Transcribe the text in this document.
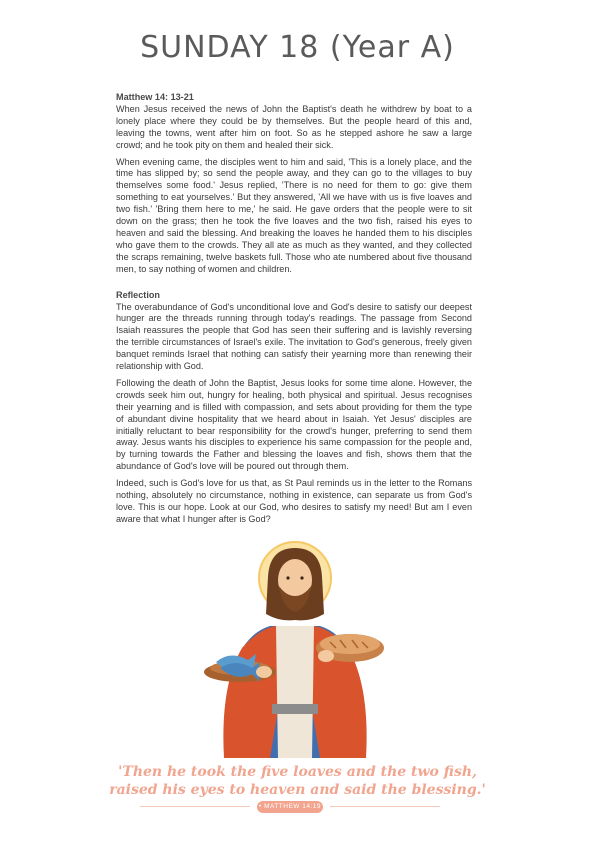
SUNDAY 18 (Year A)

Matthew 14: 13-21

When Jesus received the news of John the Baptist's death he withdrew by boat to a lonely place where they could be by themselves. But the people heard of this and, leaving the towns, went after him on foot. So as he stepped ashore he saw a large crowd; and he took pity on them and healed their sick.

When evening came, the disciples went to him and said, 'This is a lonely place, and the time has slipped by; so send the people away, and they can go to the villages to buy themselves some food.' Jesus replied, 'There is no need for them to go: give them something to eat yourselves.' But they answered, 'All we have with us is five loaves and two fish.' 'Bring them here to me,' he said. He gave orders that the people were to sit down on the grass; then he took the five loaves and the two fish, raised his eyes to heaven and said the blessing. And breaking the loaves he handed them to his disciples who gave them to the crowds. They all ate as much as they wanted, and they collected the scraps remaining, twelve baskets full. Those who ate numbered about five thousand men, to say nothing of women and children.

Reflection

The overabundance of God's unconditional love and God's desire to satisfy our deepest hunger are the threads running through today's readings. The passage from Second Isaiah reassures the people that God has seen their suffering and is lavishly reversing the terrible circumstances of Israel's exile. The invitation to God's generous, freely given banquet reminds Israel that nothing can satisfy their yearning more than renewing their relationship with God.

Following the death of John the Baptist, Jesus looks for some time alone. However, the crowds seek him out, hungry for healing, both physical and spiritual. Jesus recognises their yearning and is filled with compassion, and sets about providing for them the type of abundant divine hospitality that we heard about in Isaiah. Yet Jesus' disciples are initially reluctant to bear responsibility for the crowd's hunger, preferring to send them away. Jesus wants his disciples to experience his same compassion for the people and, by turning towards the Father and blessing the loaves and fish, shows them that the abundance of God's love will be poured out through them.

Indeed, such is God's love for us that, as St Paul reminds us in the letter to the Romans nothing, absolutely no circumstance, nothing in existence, can separate us from God's love. This is our hope. Look at our God, who desires to satisfy my need! But am I even aware that what I hunger after is God?

'Then he took the five loaves and the two fish,
raised his eyes to heaven and said the blessing.'
• MATTHEW 14:19 •
